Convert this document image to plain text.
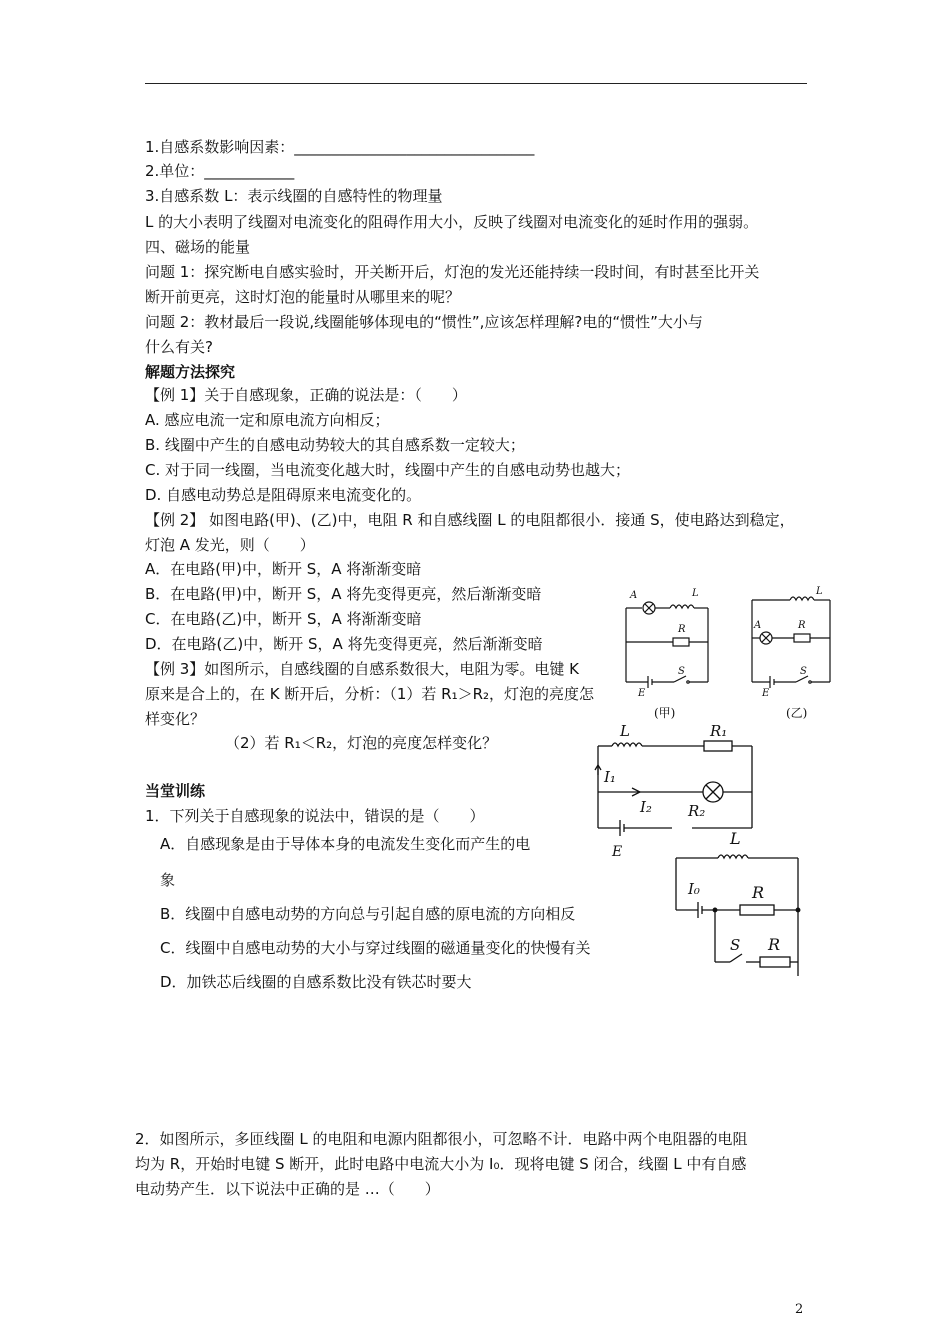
1.自感系数影响因素：________________________________
2.单位：____________
3.自感系数 L：表示线圈的自感特性的物理量
L 的大小表明了线圈对电流变化的阻碍作用大小，反映了线圈对电流变化的延时作用的强弱。
四、磁场的能量
问题 1：探究断电自感实验时，开关断开后，灯泡的发光还能持续一段时间，有时甚至比开关
断开前更亮，这时灯泡的能量时从哪里来的呢？
问题 2：教材最后一段说,线圈能够体现电的“惯性”,应该怎样理解?电的“惯性”大小与
什么有关?
解题方法探究
【例 1】关于自感现象，正确的说法是：（　　）
A. 感应电流一定和原电流方向相反；
B. 线圈中产生的自感电动势较大的其自感系数一定较大；
C. 对于同一线圈，当电流变化越大时，线圈中产生的自感电动势也越大；
D. 自感电动势总是阻碍原来电流变化的。
【例 2】 如图电路(甲)、(乙)中，电阻 R 和自感线圈 L 的电阻都很小．接通 S，使电路达到稳定，
灯泡 A 发光，则（　　）
A．在电路(甲)中，断开 S，A 将渐渐变暗
B．在电路(甲)中，断开 S，A 将先变得更亮，然后渐渐变暗
C．在电路(乙)中，断开 S，A 将渐渐变暗
D．在电路(乙)中，断开 S，A 将先变得更亮，然后渐渐变暗
【例 3】如图所示，自感线圈的自感系数很大，电阻为零。电键 K
原来是合上的，在 K 断开后，分析：（1）若 R₁＞R₂，灯泡的亮度怎
样变化？
（2）若 R₁＜R₂，灯泡的亮度怎样变化？
当堂训练
1．下列关于自感现象的说法中，错误的是（　　）
A．自感现象是由于导体本身的电流发生变化而产生的电
象
B．线圈中自感电动势的方向总与引起自感的原电流的方向相反
C．线圈中自感电动势的大小与穿过线圈的磁通量变化的快慢有关
D．加铁芯后线圈的自感系数比没有铁芯时要大
2．如图所示，多匝线圈 L 的电阻和电源内阻都很小，可忽略不计．电路中两个电阻器的电阻
均为 R，开始时电键 S 断开，此时电路中电流大小为 I₀．现将电键 S 闭合，线圈 L 中有自感
电动势产生．以下说法中正确的是 …（　　）
A	L
R
E
S
(甲)
A
L
R
E
S
(乙)
L	R₁
I₁
I₂ R₂
E
L
I₀	R
S R
2
